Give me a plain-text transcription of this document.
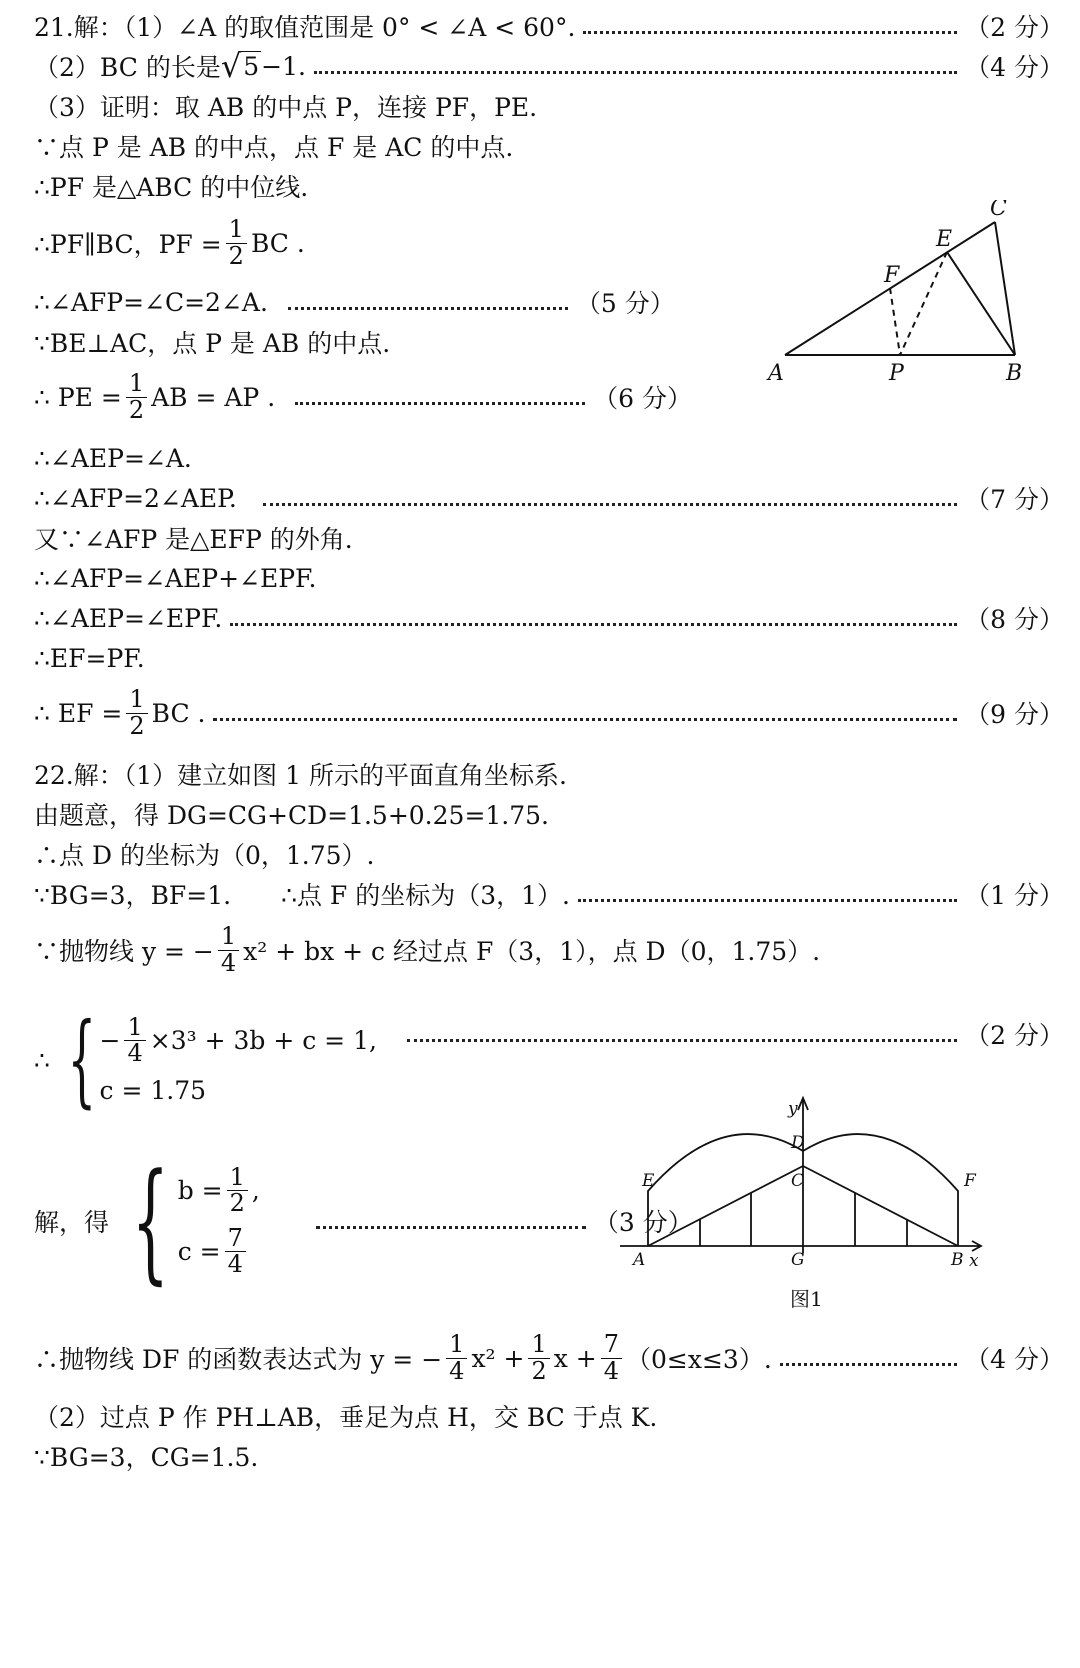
21.解：（1）∠A 的取值范围是 0° < ∠A < 60°.	（2 分）
（2）BC 的长是 √ 5 −1.	（4 分）
（3）证明：取 AB 的中点 P，连接 PF，PE.
∵点 P 是 AB 的中点，点 F 是 AC 的中点.
∴PF 是△ABC 的中位线.
∴PF∥BC，PF = $\frac{1}{2}$ BC .
∴∠AFP=∠C=2∠A.	（5 分）
∵BE⊥AC，点 P 是 AB 的中点.
∴ PE = $\frac{1}{2}$ AB = AP .	（6 分）
∴∠AEP=∠A.
∴∠AFP=2∠AEP.	（7 分）
又∵∠AFP 是△EFP 的外角.
∴∠AFP=∠AEP+∠EPF.
∴∠AEP=∠EPF.	（8 分）
∴EF=PF.
∴ EF = $\frac{1}{2}$ BC .	（9 分）
A	B
C
E
F
P
22.解：（1）建立如图 1 所示的平面直角坐标系.
由题意，得 DG=CG+CD=1.5+0.25=1.75.
∴点 D 的坐标为（0，1.75）.
∵BG=3，BF=1.　　∴点 F 的坐标为（3，1）.	（1 分）
∵抛物线 y = − $\frac{1}{4} x^2$ + bx + c 经过点 F（3，1），点 D（0，1.75）.
∴ { − $\frac{1}{4} \times 3^3 + 3b + c = 1$,
c = 1.75
（2 分）
解，得 { $b = \frac{1}{2}$ ,
$c = \frac{7}{4}$
（3 分）
y
x
D
C
E	F
A	G	B
图1
∴抛物线 DF 的函数表达式为 y = − $\frac{1}{4} x^2 + \frac{1}{2}$ $x + \frac{7}{4} (0\le x\le 3)$.	（4 分）
（2）过点 P 作 PH⊥AB，垂足为点 H，交 BC 于点 K.
∵BG=3，CG=1.5.
